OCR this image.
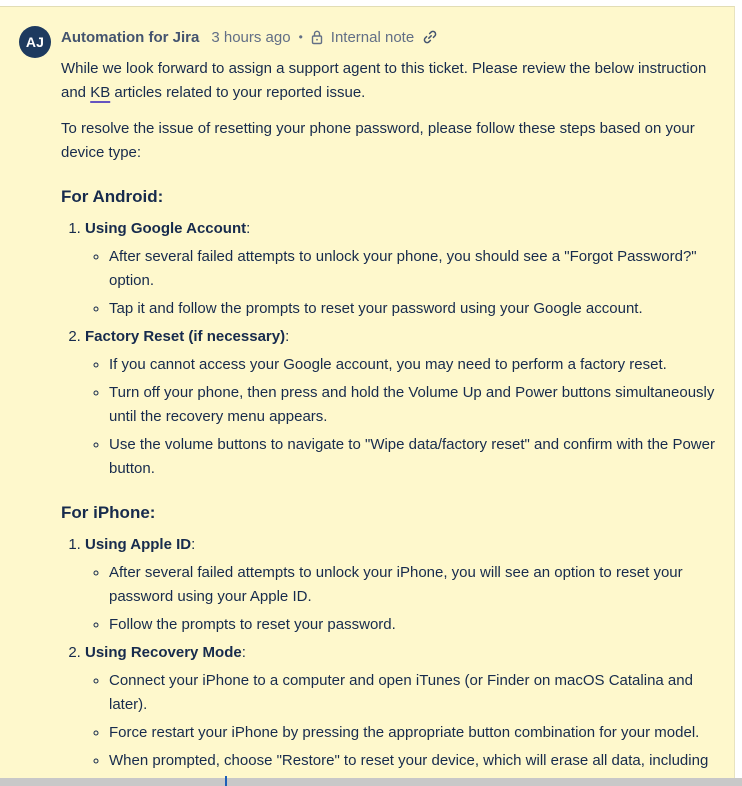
AJ	Automation for Jira 3 hours ago • Internal note

While we look forward to assign a support agent to this ticket. Please review the below instruction and KB articles related to your reported issue.

To resolve the issue of resetting your phone password, please follow these steps based on your device type:

For Android:
1. Using Google Account:
◦ After several failed attempts to unlock your phone, you should see a "Forgot Password?" option.
◦ Tap it and follow the prompts to reset your password using your Google account.
2. Factory Reset (if necessary):
◦ If you cannot access your Google account, you may need to perform a factory reset.
◦ Turn off your phone, then press and hold the Volume Up and Power buttons simultaneously until the recovery menu appears.
◦ Use the volume buttons to navigate to "Wipe data/factory reset" and confirm with the Power button.
For iPhone:
1. Using Apple ID:
◦ After several failed attempts to unlock your iPhone, you will see an option to reset your password using your Apple ID.
◦ Follow the prompts to reset your password.
2. Using Recovery Mode:
◦ Connect your iPhone to a computer and open iTunes (or Finder on macOS Catalina and later).
◦ Force restart your iPhone by pressing the appropriate button combination for your model.
◦ When prompted, choose "Restore" to reset your device, which will erase all data, including
